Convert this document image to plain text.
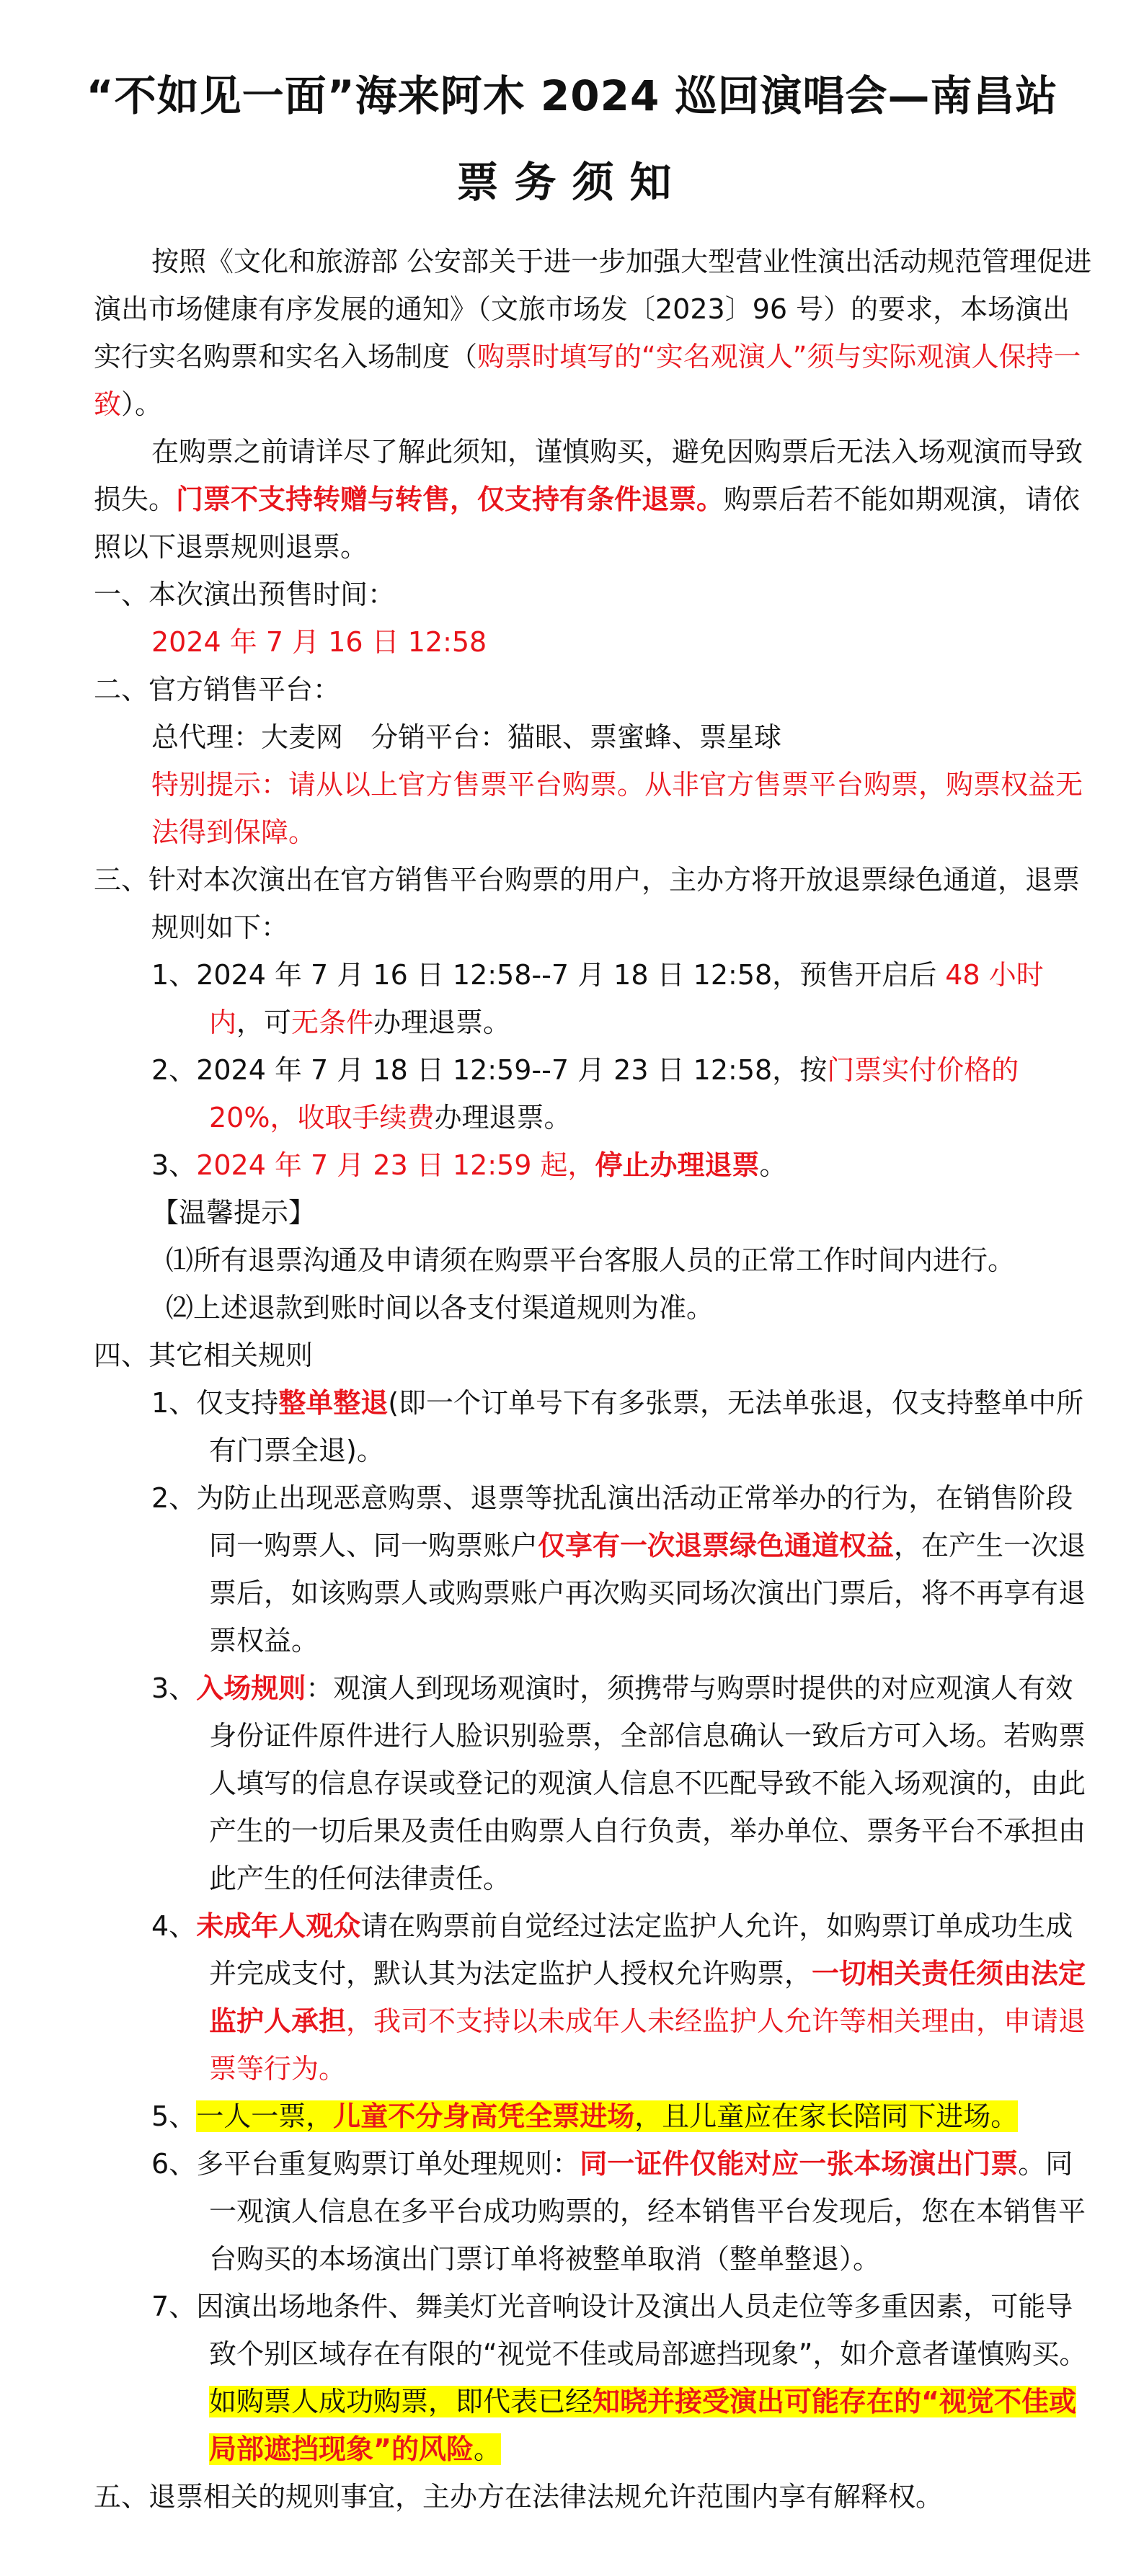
“不如见一面”海来阿木 2024 巡回演唱会—南昌站
票务须知

按照《文化和旅游部 公安部关于进一步加强大型营业性演出活动规范管理促进演出市场健康有序发展的通知》（文旅市场发〔2023〕96 号）的要求，本场演出实行实名购票和实名入场制度（购票时填写的“实名观演人”须与实际观演人保持一致）。

在购票之前请详尽了解此须知，谨慎购买，避免因购票后无法入场观演而导致损失。门票不支持转赠与转售，仅支持有条件退票。购票后若不能如期观演，请依照以下退票规则退票。

一、本次演出预售时间：

2024 年 7 月 16 日 12:58

二、官方销售平台：

总代理：大麦网　分销平台：猫眼、票蜜蜂、票星球

特别提示：请从以上官方售票平台购票。从非官方售票平台购票，购票权益无法得到保障。

三、针对本次演出在官方销售平台购票的用户，主办方将开放退票绿色通道，退票规则如下：

1、2024 年 7 月 16 日 12:58--7 月 18 日 12:58，预售开启后 48 小时内，可无条件办理退票。

2、2024 年 7 月 18 日 12:59--7 月 23 日 12:58，按门票实付价格的 20%，收取手续费办理退票。

3、2024 年 7 月 23 日 12:59 起，停止办理退票。

【温馨提示】

⑴所有退票沟通及申请须在购票平台客服人员的正常工作时间内进行。

⑵上述退款到账时间以各支付渠道规则为准。

四、其它相关规则

1、仅支持整单整退(即一个订单号下有多张票，无法单张退，仅支持整单中所有门票全退)。

2、为防止出现恶意购票、退票等扰乱演出活动正常举办的行为，在销售阶段同一购票人、同一购票账户仅享有一次退票绿色通道权益，在产生一次退票后，如该购票人或购票账户再次购买同场次演出门票后，将不再享有退票权益。

3、入场规则：观演人到现场观演时，须携带与购票时提供的对应观演人有效身份证件原件进行人脸识别验票，全部信息确认一致后方可入场。若购票人填写的信息存误或登记的观演人信息不匹配导致不能入场观演的，由此产生的一切后果及责任由购票人自行负责，举办单位、票务平台不承担由此产生的任何法律责任。

4、未成年人观众请在购票前自觉经过法定监护人允许，如购票订单成功生成并完成支付，默认其为法定监护人授权允许购票，一切相关责任须由法定监护人承担，我司不支持以未成年人未经监护人允许等相关理由，申请退票等行为。

5、一人一票，儿童不分身高凭全票进场，且儿童应在家长陪同下进场。

6、多平台重复购票订单处理规则：同一证件仅能对应一张本场演出门票。同一观演人信息在多平台成功购票的，经本销售平台发现后，您在本销售平台购买的本场演出门票订单将被整单取消（整单整退）。

7、因演出场地条件、舞美灯光音响设计及演出人员走位等多重因素，可能导致个别区域存在有限的“视觉不佳或局部遮挡现象”，如介意者谨慎购买。如购票人成功购票，即代表已经知晓并接受演出可能存在的“视觉不佳或局部遮挡现象”的风险。

五、退票相关的规则事宜，主办方在法律法规允许范围内享有解释权。
